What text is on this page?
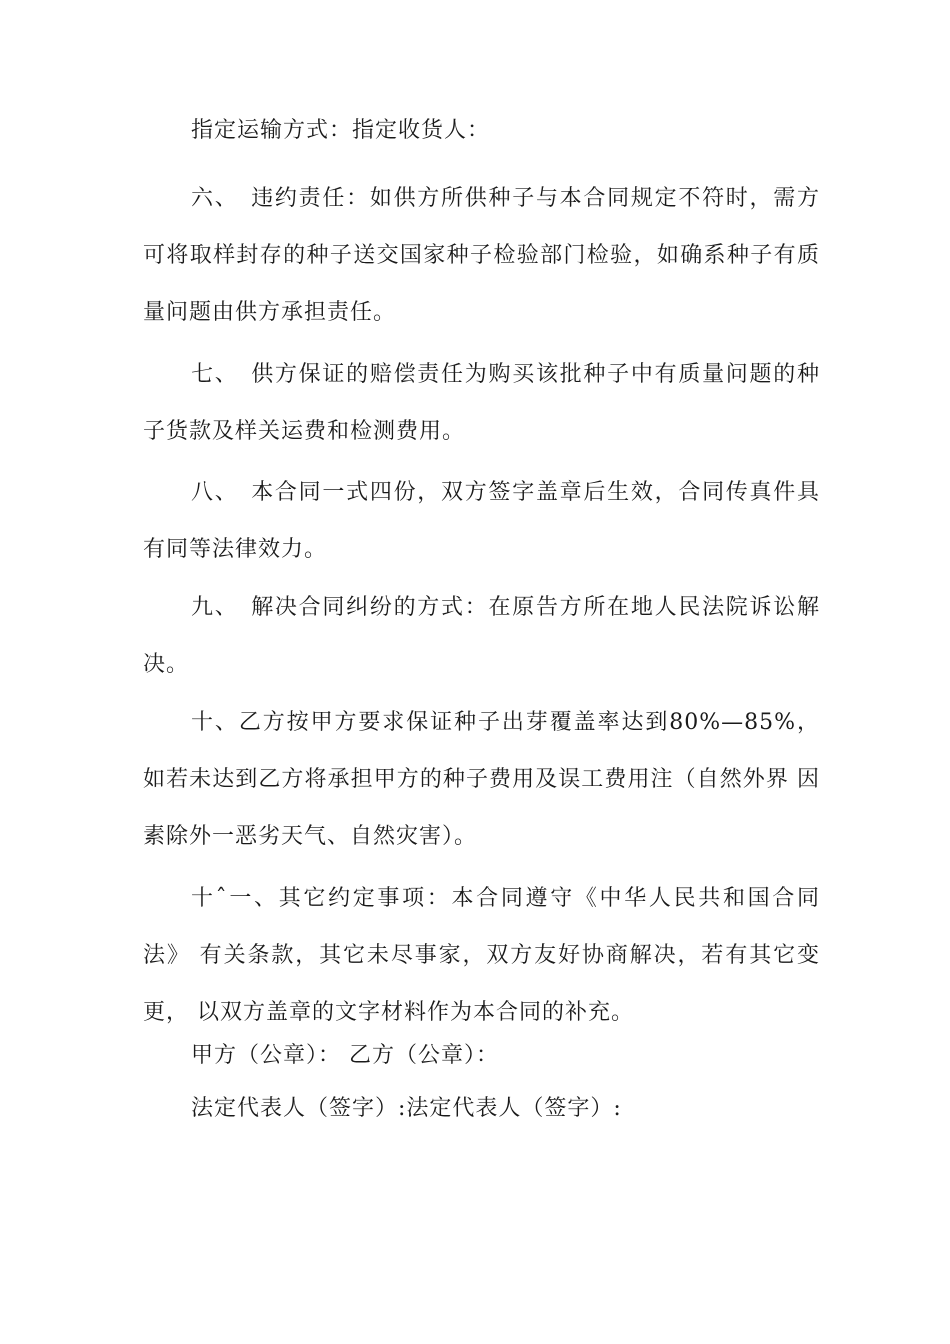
指定运输方式：指定收货人：

六、　违约责任：如供方所供种子与本合同规定不符时，需方可将取样封存的种子送交国家种子检验部门检验，如确系种子有质量问题由供方承担责任。

七、　供方保证的赔偿责任为购买该批种子中有质量问题的种子货款及样关运费和检测费用。

八、　本合同一式四份，双方签字盖章后生效，合同传真件具有同等法律效力。

九、　解决合同纠纷的方式：在原告方所在地人民法院诉讼解决。

十、乙方按甲方要求保证种子出芽覆盖率达到80%—85%， 如若未达到乙方将承担甲方的种子费用及误工费用注（自然外界 因素除外一恶劣天气、自然灾害）。

十ˆ一、其它约定事项：本合同遵守《中华人民共和国合同法》 有关条款，其它未尽事家，双方友好协商解决，若有其它变更， 以双方盖章的文字材料作为本合同的补充。

甲方（公章）： 乙方（公章）：

法定代表人（签字）:法定代表人（签字）:
